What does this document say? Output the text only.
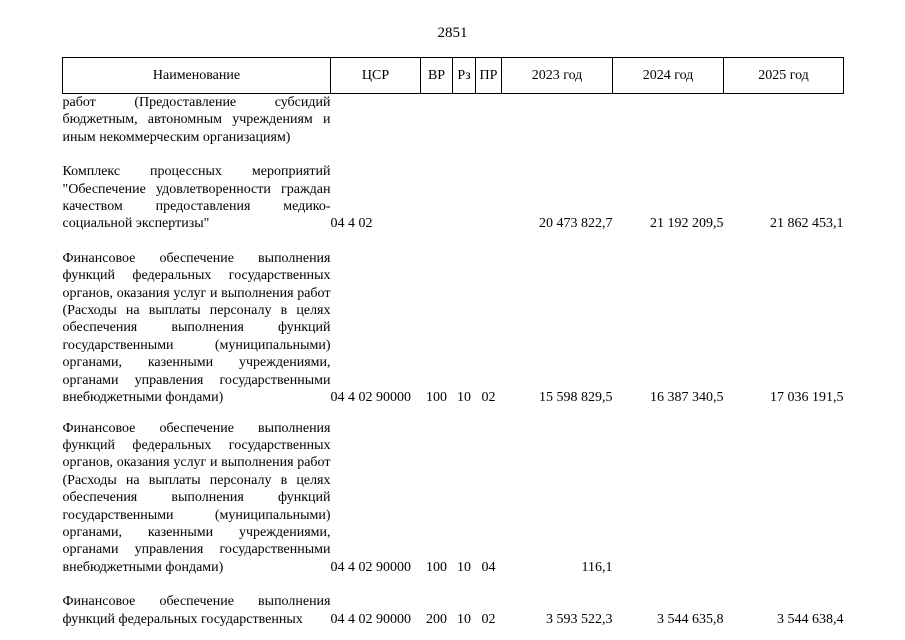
2851
Наименование	ЦСР	ВР	Рз	ПР	2023 год	2024 год	2025 год
работ (Предоставление субсидий бюджетным, автономным учреждениям и иным некоммерческим организациям)							

Комплекс процессных мероприятий "Обеспечение удовлетворенности граждан качеством предоставления медико-социальной экспертизы"	04 4 02				20 473 822,7	21 192 209,5	21 862 453,1

Финансовое обеспечение выполнения функций федеральных государственных органов, оказания услуг и выполнения работ (Расходы на выплаты персоналу в целях обеспечения выполнения функций государственными (муниципальными) органами, казенными учреждениями, органами управления государственными внебюджетными фондами)	04 4 02 90000	100	10	02	15 598 829,5	16 387 340,5	17 036 191,5

Финансовое обеспечение выполнения функций федеральных государственных органов, оказания услуг и выполнения работ (Расходы на выплаты персоналу в целях обеспечения выполнения функций государственными (муниципальными) органами, казенными учреждениями, органами управления государственными внебюджетными фондами)	04 4 02 90000	100	10	04	116,1		

Финансовое обеспечение выполнения функций федеральных государственных	04 4 02 90000	200	10	02	3 593 522,3	3 544 635,8	3 544 638,4
